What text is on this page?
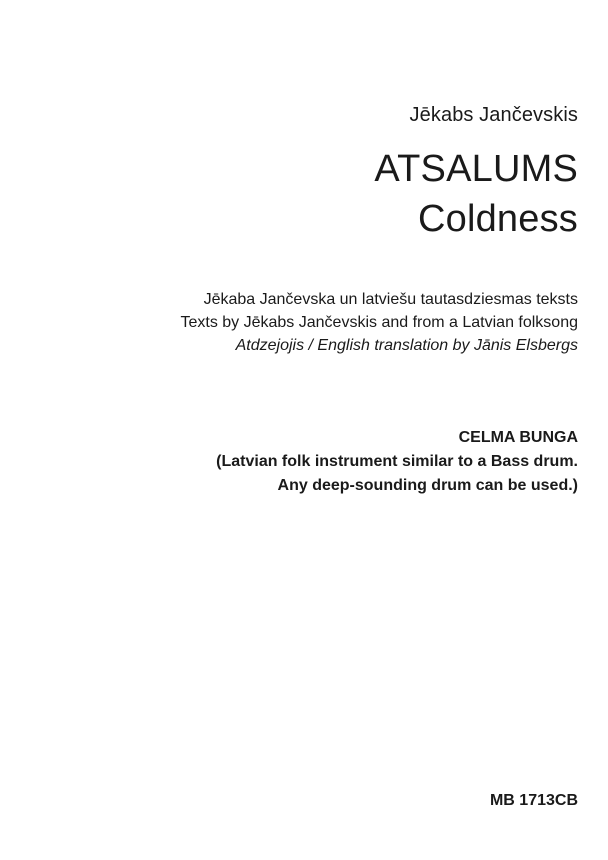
Jēkabs Jančevskis
ATSALUMS
Coldness
Jēkaba Jančevska un latviešu tautasdziesmas teksts
Texts by Jēkabs Jančevskis and from a Latvian folksong
Atdzejojis / English translation by Jānis Elsbergs
CELMA BUNGA
(Latvian folk instrument similar to a Bass drum.
Any deep-sounding drum can be used.)
MB 1713CB
